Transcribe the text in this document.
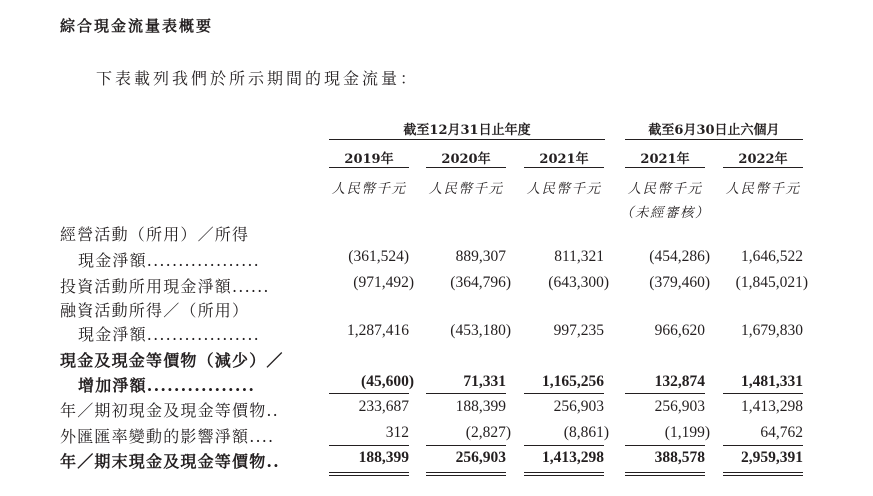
綜合現金流量表概要
下表載列我們於所示期間的現金流量：
截至12月31日止年度	截至6月30日止六個月
2019年	2020年	2021年	2021年	2022年
人民幣千元	人民幣千元	人民幣千元	人民幣千元	人民幣千元
（未經審核）
經營活動（所用）／所得
現金淨額..................	(361,524)	889,307	811,321	(454,286)	1,646,522
投資活動所用現金淨額......	(971,492)	(364,796)	(643,300)	(379,460)	(1,845,021)
融資活動所得／（所用）
現金淨額..................	1,287,416	(453,180)	997,235	966,620	1,679,830
現金及現金等價物（減少）／
增加淨額................	(45,600)	71,331	1,165,256	132,874	1,481,331
年／期初現金及現金等價物..	233,687	188,399	256,903	256,903	1,413,298
外匯匯率變動的影響淨額....	312	(2,827)	(8,861)	(1,199)	64,762
年／期末現金及現金等價物..	188,399	256,903	1,413,298	388,578	2,959,391
